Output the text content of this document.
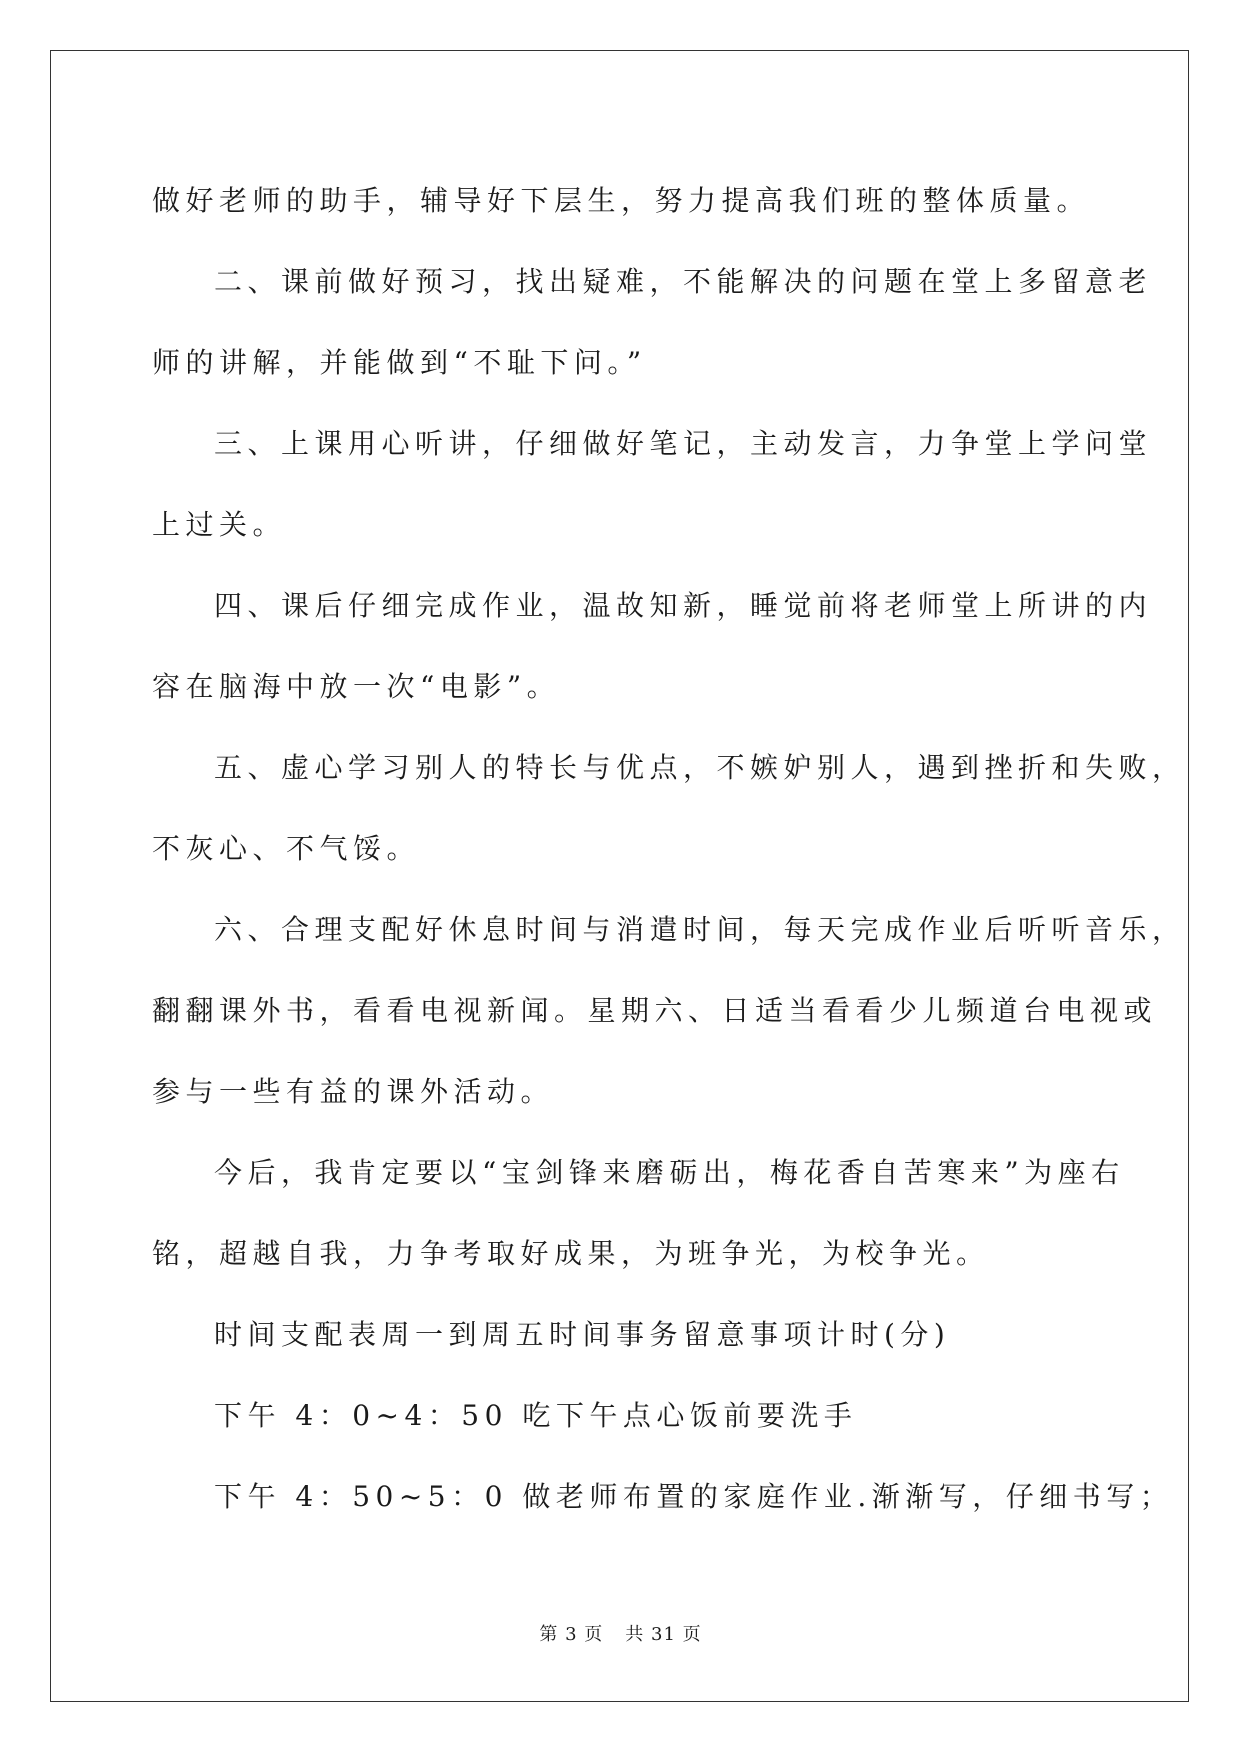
做好老师的助手，辅导好下层生，努力提高我们班的整体质量。

二、课前做好预习，找出疑难，不能解决的问题在堂上多留意老

师的讲解，并能做到“不耻下问。”

三、上课用心听讲，仔细做好笔记，主动发言，力争堂上学问堂

上过关。

四、课后仔细完成作业，温故知新，睡觉前将老师堂上所讲的内

容在脑海中放一次“电影”。

五、虚心学习别人的特长与优点，不嫉妒别人，遇到挫折和失败，

不灰心、不气馁。

六、合理支配好休息时间与消遣时间，每天完成作业后听听音乐，

翻翻课外书，看看电视新闻。星期六、日适当看看少儿频道台电视或

参与一些有益的课外活动。

今后，我肯定要以“宝剑锋来磨砺出，梅花香自苦寒来”为座右

铭，超越自我，力争考取好成果，为班争光，为校争光。

时间支配表周一到周五时间事务留意事项计时(分)

下午 4：0~4：50 吃下午点心饭前要洗手

下午 4：50~5：0 做老师布置的家庭作业.渐渐写，仔细书写；

第 3 页 共 31 页
